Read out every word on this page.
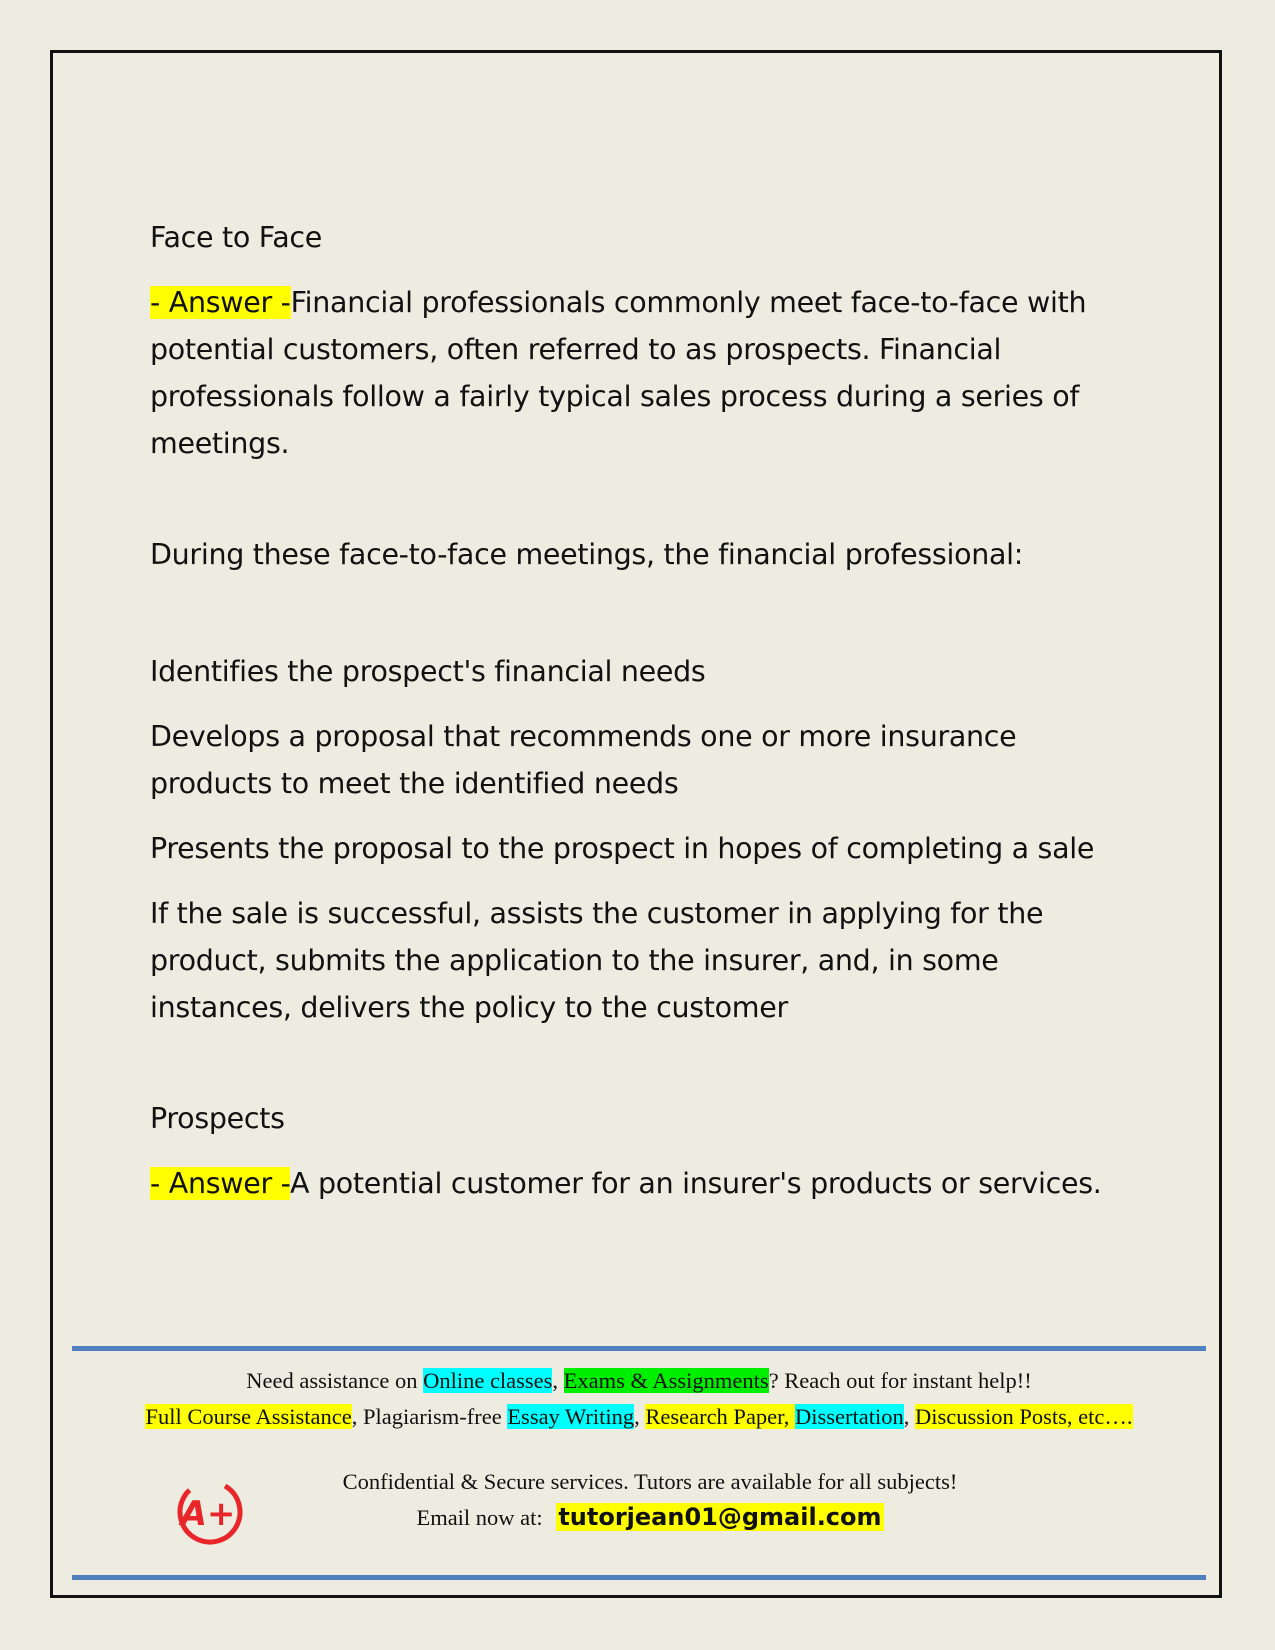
Face to Face

- Answer -Financial professionals commonly meet face-to-face with potential customers, often referred to as prospects. Financial professionals follow a fairly typical sales process during a series of meetings.

During these face-to-face meetings, the financial professional:

Identifies the prospect's financial needs

Develops a proposal that recommends one or more insurance products to meet the identified needs

Presents the proposal to the prospect in hopes of completing a sale

If the sale is successful, assists the customer in applying for the product, submits the application to the insurer, and, in some instances, delivers the policy to the customer

Prospects

- Answer -A potential customer for an insurer's products or services.

Need assistance on Online classes, Exams & Assignments? Reach out for instant help!!
Full Course Assistance, Plagiarism-free Essay Writing, Research Paper, Dissertation, Discussion Posts, etc….
A+
Confidential & Secure services. Tutors are available for all subjects!
Email now at: tutorjean01@gmail.com
